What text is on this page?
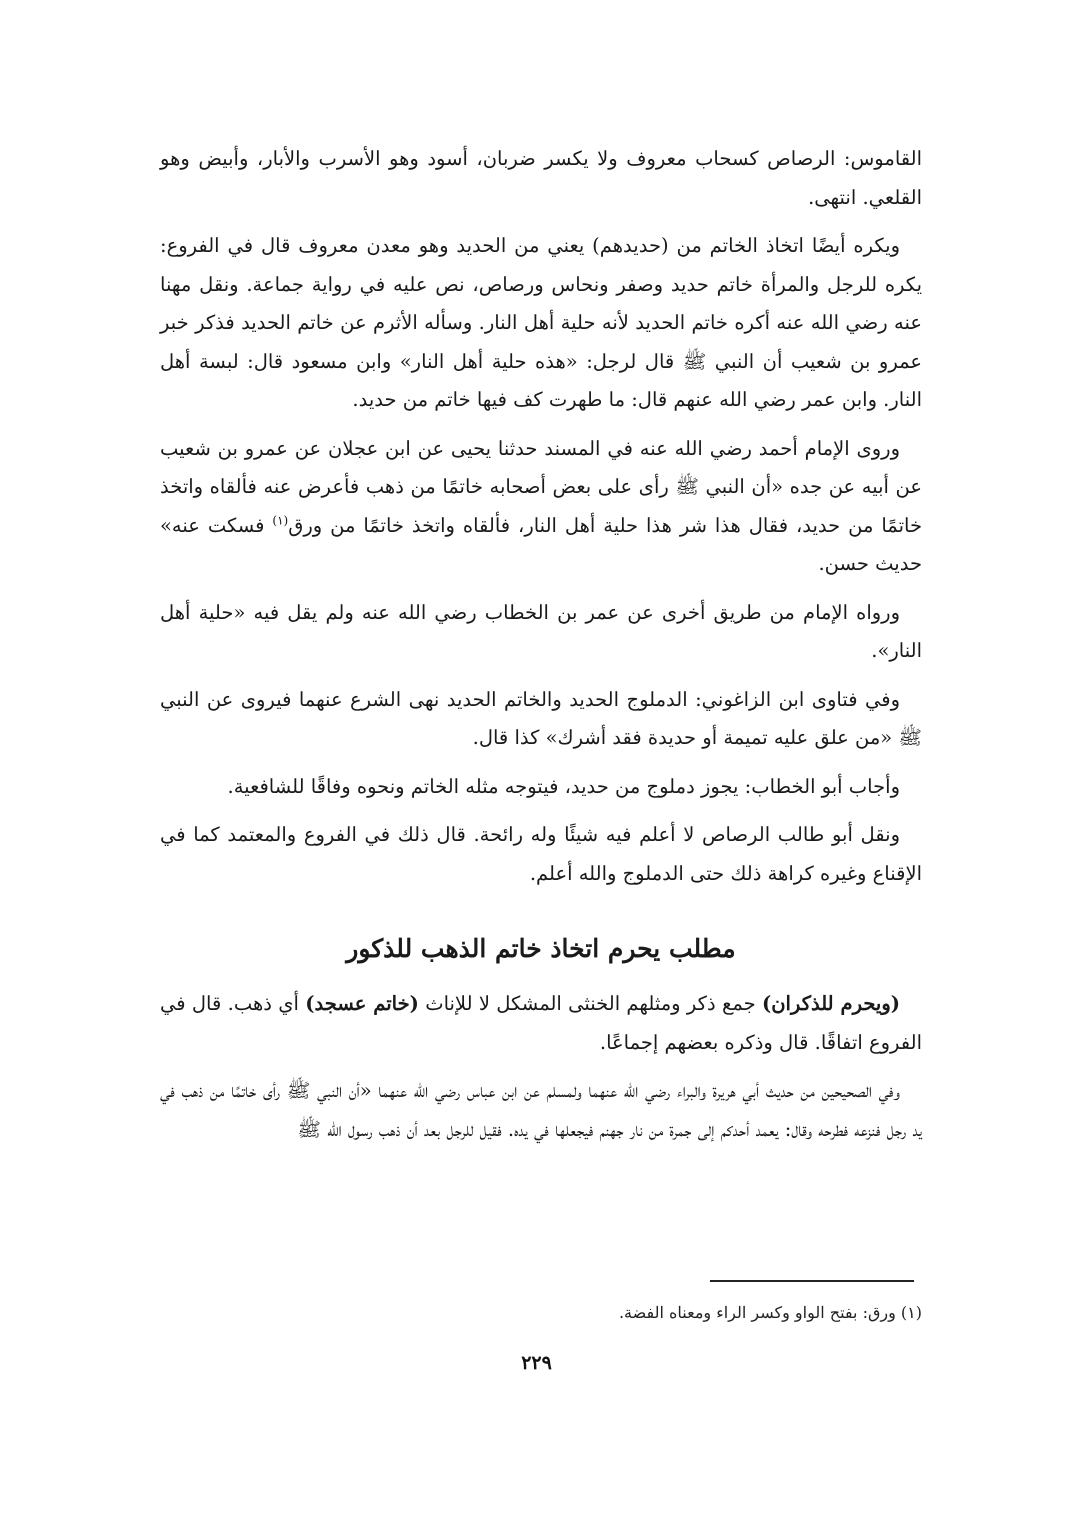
القاموس: الرصاص كسحاب معروف ولا يكسر ضربان، أسود وهو الأسرب والأبار، وأبيض وهو القلعي. انتهى.

ويكره أيضًا اتخاذ الخاتم من (حديدهم) يعني من الحديد وهو معدن معروف قال في الفروع: يكره للرجل والمرأة خاتم حديد وصفر ونحاس ورصاص، نص عليه في رواية جماعة. ونقل مهنا عنه رضي الله عنه أكره خاتم الحديد لأنه حلية أهل النار. وسأله الأثرم عن خاتم الحديد فذكر خبر عمرو بن شعيب أن النبي ﷺ قال لرجل: «هذه حلية أهل النار» وابن مسعود قال: لبسة أهل النار. وابن عمر رضي الله عنهم قال: ما طهرت كف فيها خاتم من حديد.

وروى الإمام أحمد رضي الله عنه في المسند حدثنا يحيى عن ابن عجلان عن عمرو بن شعيب عن أبيه عن جده «أن النبي ﷺ رأى على بعض أصحابه خاتمًا من ذهب فأعرض عنه فألقاه واتخذ خاتمًا من حديد، فقال هذا شر هذا حلية أهل النار، فألقاه واتخذ خاتمًا من ورق$^{(١)}$ فسكت عنه» حديث حسن.

ورواه الإمام من طريق أخرى عن عمر بن الخطاب رضي الله عنه ولم يقل فيه «حلية أهل النار».

وفي فتاوى ابن الزاغوني: الدملوج الحديد والخاتم الحديد نهى الشرع عنهما فيروى عن النبي ﷺ «من علق عليه تميمة أو حديدة فقد أشرك» كذا قال.

وأجاب أبو الخطاب: يجوز دملوج من حديد، فيتوجه مثله الخاتم ونحوه وفاقًا للشافعية.

ونقل أبو طالب الرصاص لا أعلم فيه شيئًا وله رائحة. قال ذلك في الفروع والمعتمد كما في الإقناع وغيره كراهة ذلك حتى الدملوج والله أعلم.

مطلب يحرم اتخاذ خاتم الذهب للذكور

(ويحرم للذكران) جمع ذكر ومثلهم الخنثى المشكل لا للإناث (خاتم عسجد) أي ذهب. قال في الفروع اتفاقًا. قال وذكره بعضهم إجماعًا.

وفي الصحيحين من حديث أبي هريرة والبراء رضي الله عنهما ولمسلم عن ابن عباس رضي الله عنهما «أن النبي ﷺ رأى خاتمًا من ذهب في يد رجل فنزعه فطرحه وقال: يعمد أحدكم إلى جمرة من نار جهنم فيجعلها في يده. فقيل للرجل بعد أن ذهب رسول الله ﷺ

(١) ورق: بفتح الواو وكسر الراء ومعناه الفضة.
٢٢٩
